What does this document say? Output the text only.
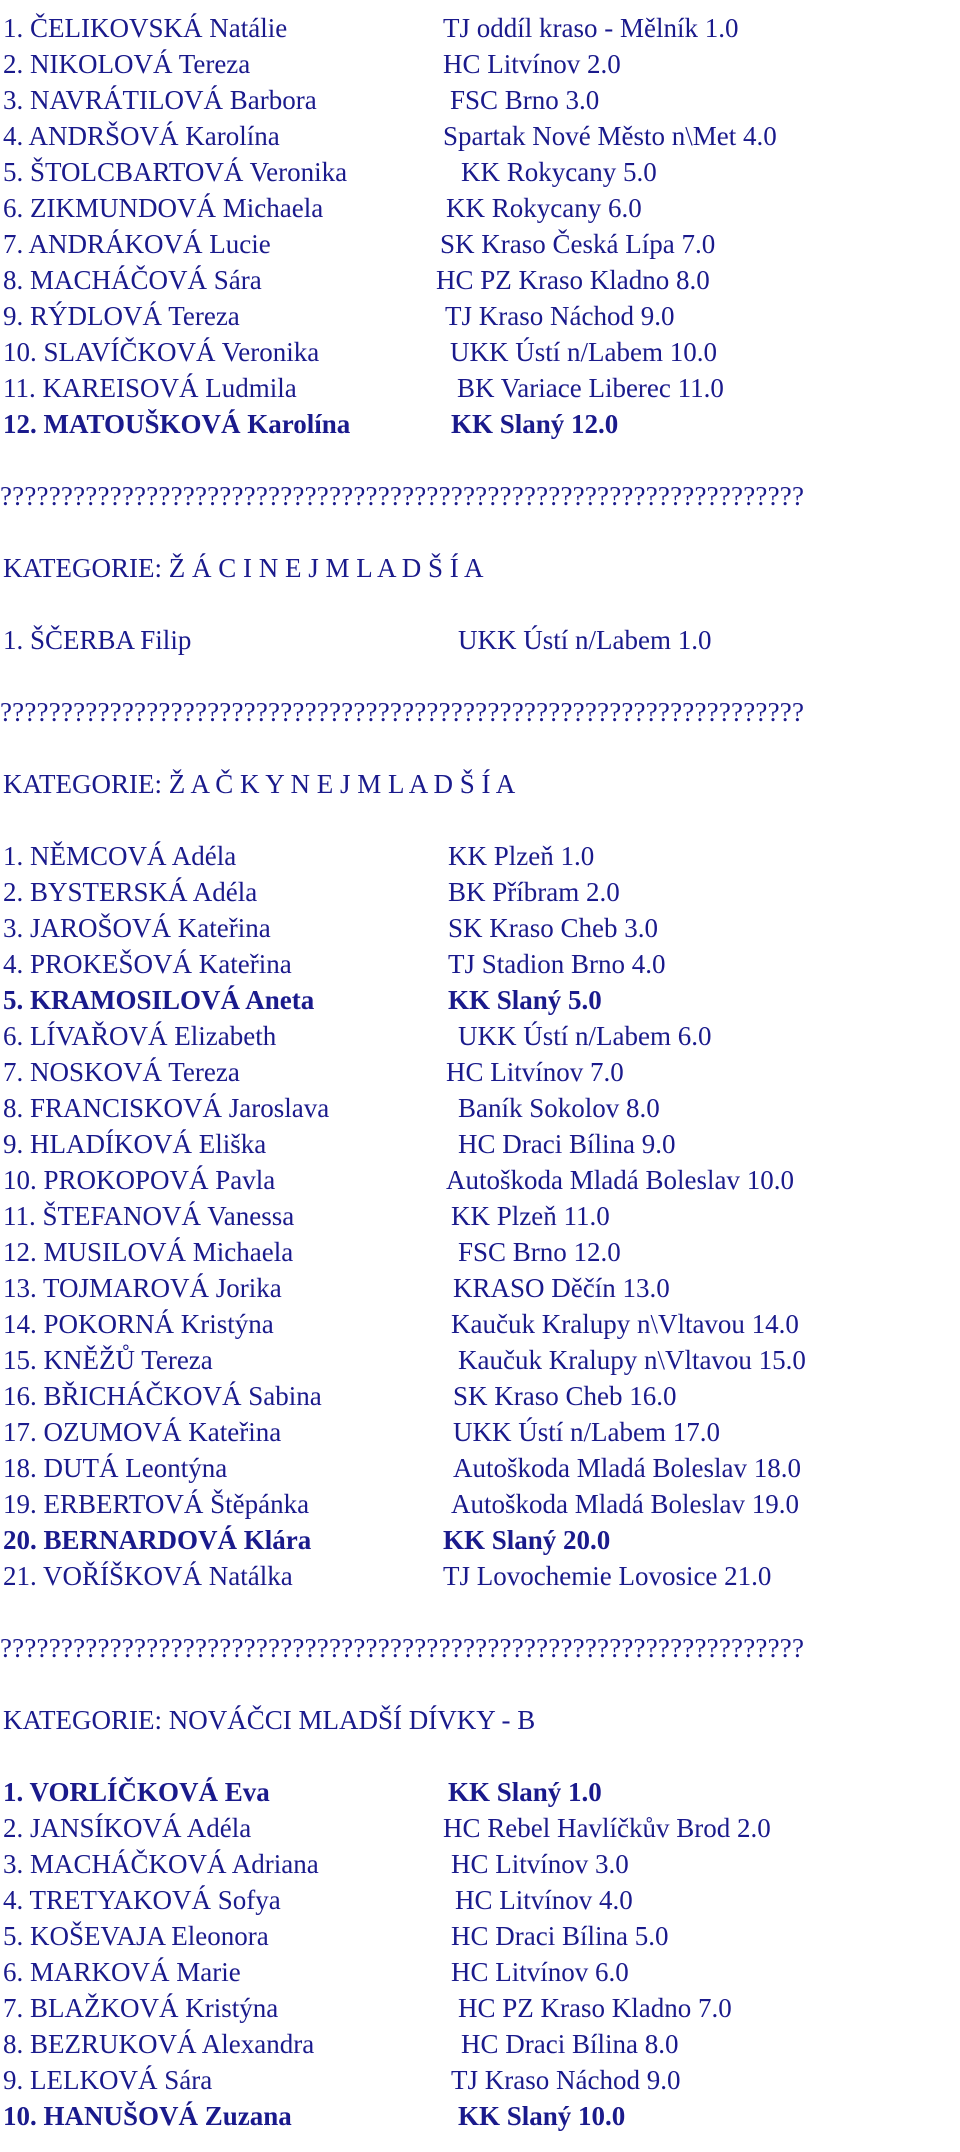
1. ČELIKOVSKÁ Natálie	TJ oddíl kraso - Mělník 1.0
2. NIKOLOVÁ Tereza	HC Litvínov 2.0
3. NAVRÁTILOVÁ Barbora	FSC Brno 3.0
4. ANDRŠOVÁ Karolína	Spartak Nové Město n\Met 4.0
5. ŠTOLCBARTOVÁ Veronika	KK Rokycany 5.0
6. ZIKMUNDOVÁ Michaela	KK Rokycany 6.0
7. ANDRÁKOVÁ Lucie	SK Kraso Česká Lípa 7.0
8. MACHÁČOVÁ Sára	HC PZ Kraso Kladno 8.0
9. RÝDLOVÁ Tereza	TJ Kraso Náchod 9.0
10. SLAVÍČKOVÁ Veronika	UKK Ústí n/Labem 10.0
11. KAREISOVÁ Ludmila	BK Variace Liberec 11.0
12. MATOUŠKOVÁ Karolína	KK Slaný 12.0
??????????????????????????????????????????????????????????????????
KATEGORIE: Ž Á C I N E J M L A D Š Í A
1. ŠČERBA Filip	UKK Ústí n/Labem 1.0
??????????????????????????????????????????????????????????????????
KATEGORIE: Ž A Č K Y N E J M L A D Š Í A
1. NĚMCOVÁ Adéla	KK Plzeň 1.0
2. BYSTERSKÁ Adéla	BK Příbram 2.0
3. JAROŠOVÁ Kateřina	SK Kraso Cheb 3.0
4. PROKEŠOVÁ Kateřina	TJ Stadion Brno 4.0
5. KRAMOSILOVÁ Aneta	KK Slaný 5.0
6. LÍVAŘOVÁ Elizabeth	UKK Ústí n/Labem 6.0
7. NOSKOVÁ Tereza	HC Litvínov 7.0
8. FRANCISKOVÁ Jaroslava	Baník Sokolov 8.0
9. HLADÍKOVÁ Eliška	HC Draci Bílina 9.0
10. PROKOPOVÁ Pavla	Autoškoda Mladá Boleslav 10.0
11. ŠTEFANOVÁ Vanessa	KK Plzeň 11.0
12. MUSILOVÁ Michaela	FSC Brno 12.0
13. TOJMAROVÁ Jorika	KRASO Děčín 13.0
14. POKORNÁ Kristýna	Kaučuk Kralupy n\Vltavou 14.0
15. KNĚŽŮ Tereza	Kaučuk Kralupy n\Vltavou 15.0
16. BŘICHÁČKOVÁ Sabina	SK Kraso Cheb 16.0
17. OZUMOVÁ Kateřina	UKK Ústí n/Labem 17.0
18. DUTÁ Leontýna	Autoškoda Mladá Boleslav 18.0
19. ERBERTOVÁ Štěpánka	Autoškoda Mladá Boleslav 19.0
20. BERNARDOVÁ Klára	KK Slaný 20.0
21. VOŘÍŠKOVÁ Natálka	TJ Lovochemie Lovosice 21.0
??????????????????????????????????????????????????????????????????
KATEGORIE: NOVÁČCI MLADŠÍ DÍVKY - B
1. VORLÍČKOVÁ Eva	KK Slaný 1.0
2. JANSÍKOVÁ Adéla	HC Rebel Havlíčkův Brod 2.0
3. MACHÁČKOVÁ Adriana	HC Litvínov 3.0
4. TRETYAKOVÁ Sofya	HC Litvínov 4.0
5. KOŠEVAJA Eleonora	HC Draci Bílina 5.0
6. MARKOVÁ Marie	HC Litvínov 6.0
7. BLAŽKOVÁ Kristýna	HC PZ Kraso Kladno 7.0
8. BEZRUKOVÁ Alexandra	HC Draci Bílina 8.0
9. LELKOVÁ Sára	TJ Kraso Náchod 9.0
10. HANUŠOVÁ Zuzana	KK Slaný 10.0
